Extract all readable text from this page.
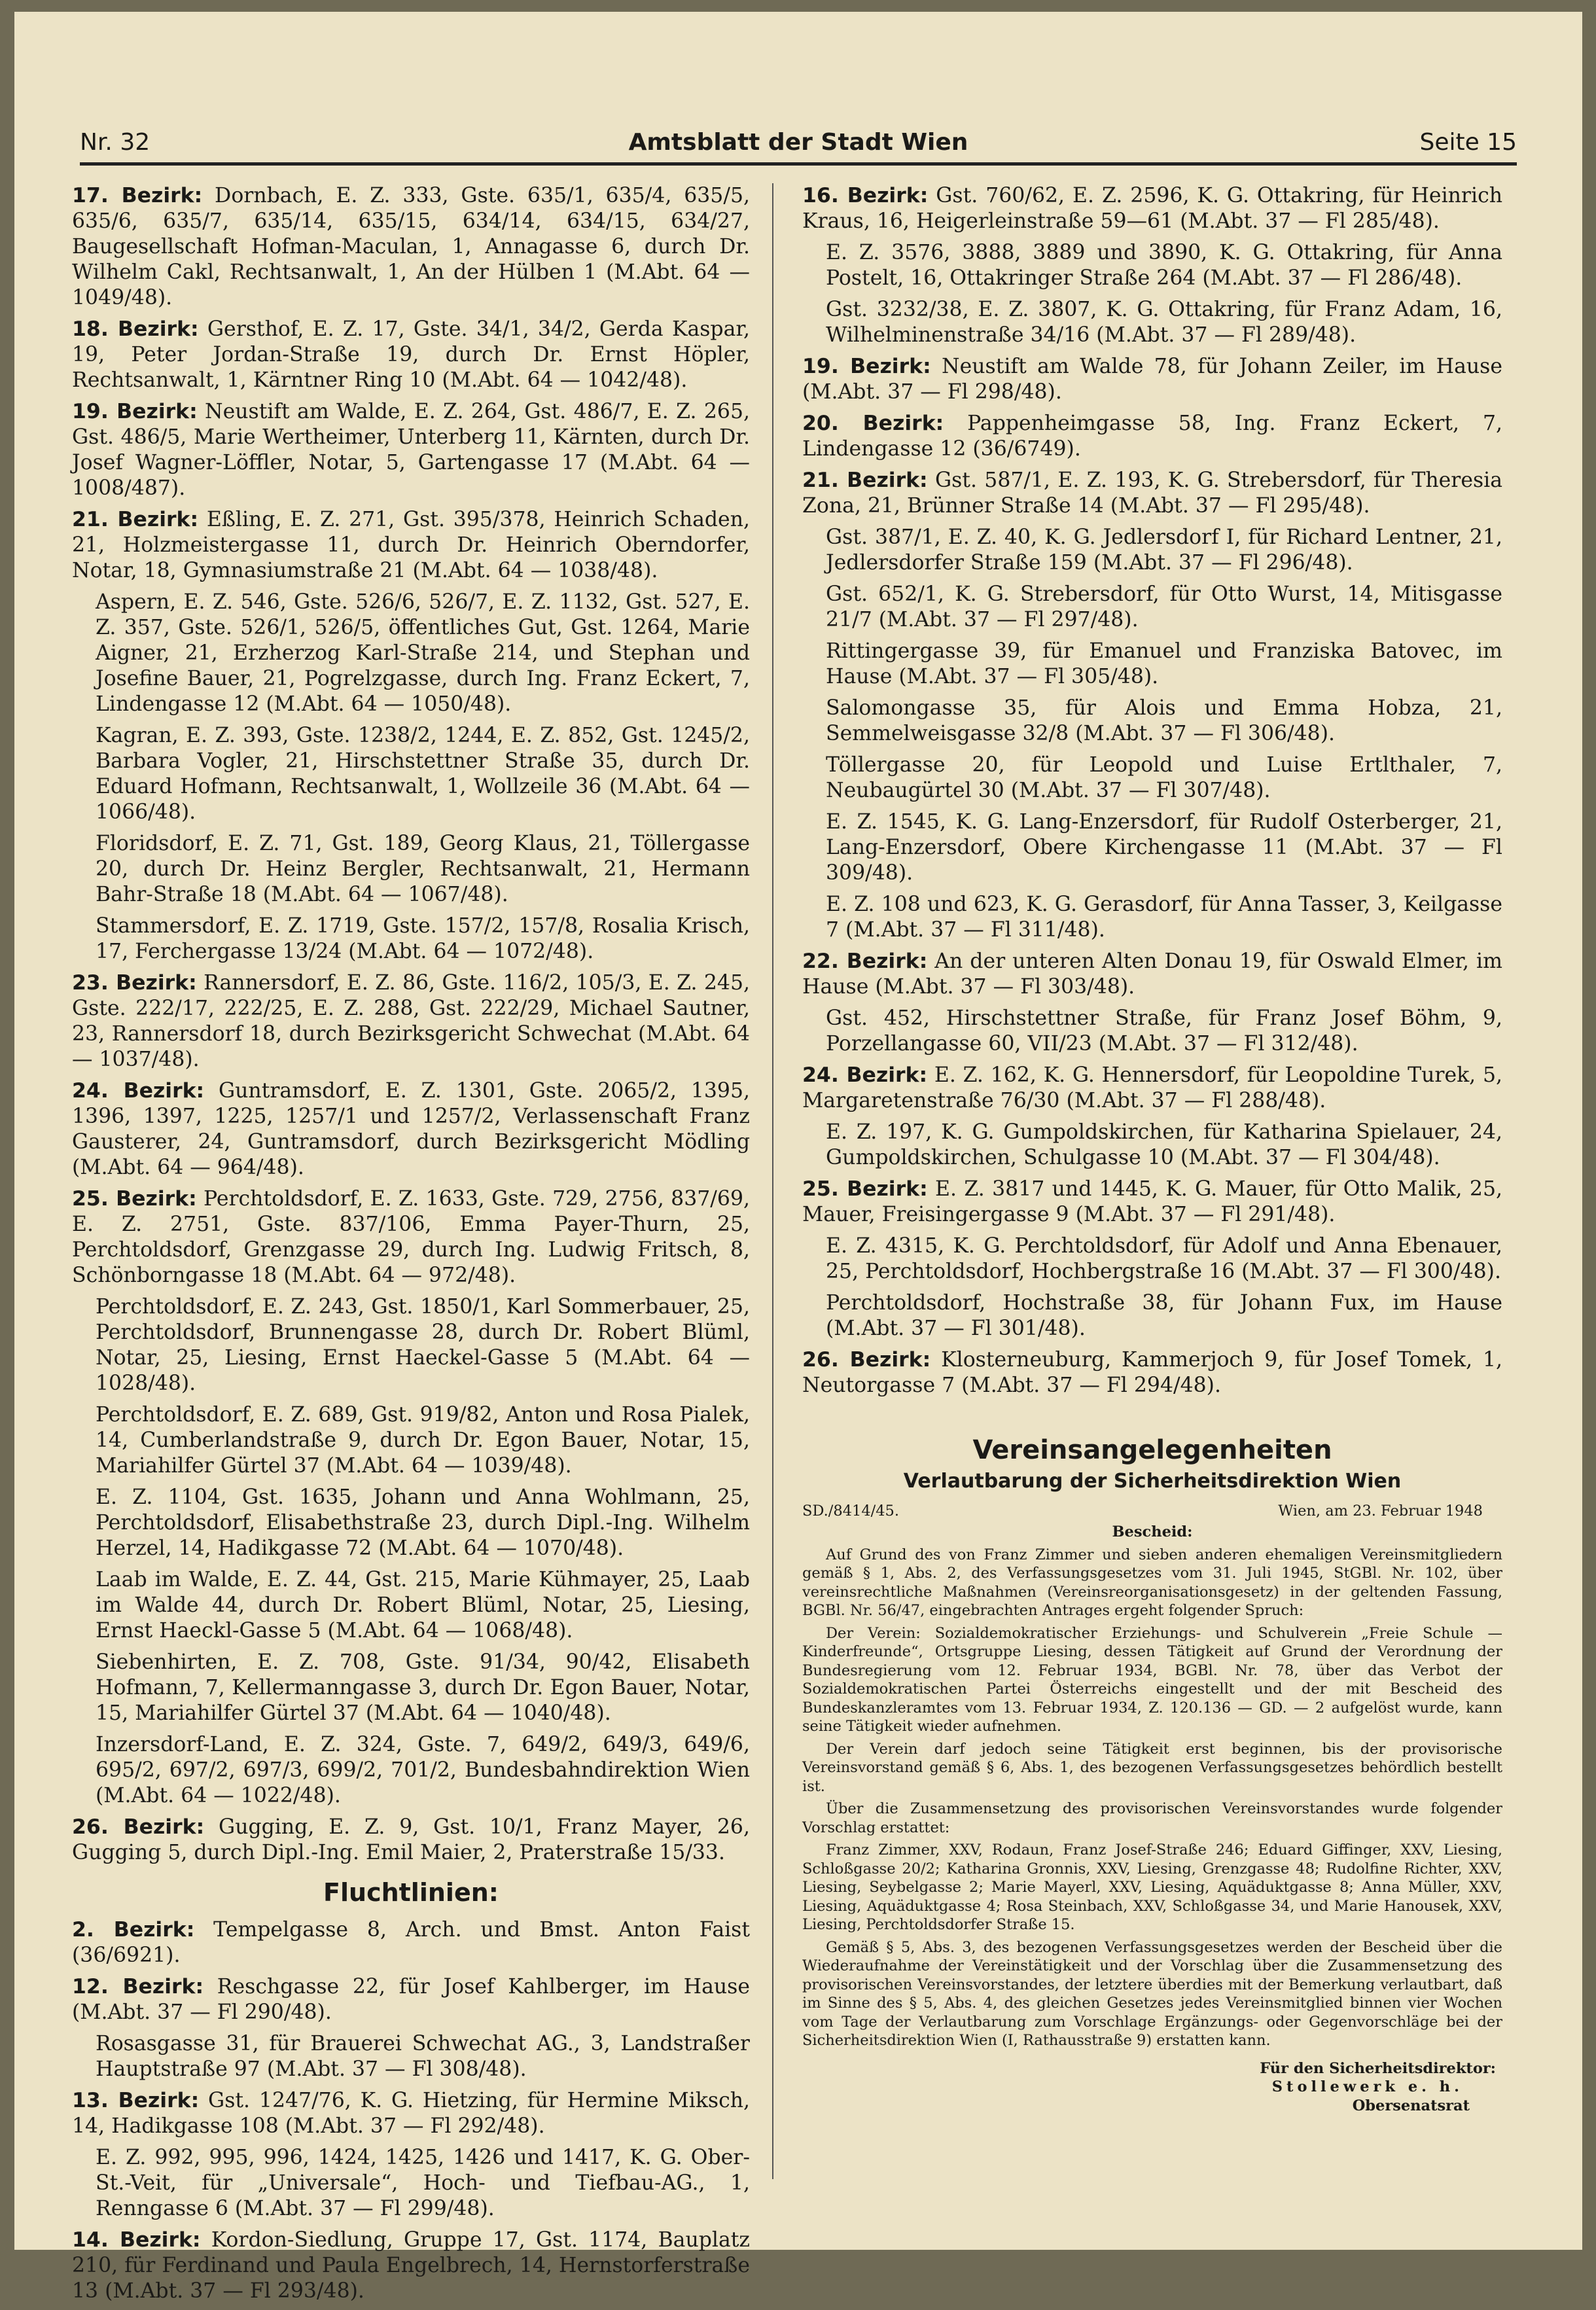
Nr. 32	Amtsblatt der Stadt Wien	Seite 15

17. Bezirk: Dornbach, E. Z. 333, Gste. 635/1, 635/4, 635/5, 635/6, 635/7, 635/14, 635/15, 634/14, 634/15, 634/27, Baugesellschaft Hofman-Maculan, 1, Annagasse 6, durch Dr. Wilhelm Cakl, Rechtsanwalt, 1, An der Hülben 1 (M.Abt. 64 — 1049/48).

18. Bezirk: Gersthof, E. Z. 17, Gste. 34/1, 34/2, Gerda Kaspar, 19, Peter Jordan-Straße 19, durch Dr. Ernst Höpler, Rechtsanwalt, 1, Kärntner Ring 10 (M.Abt. 64 — 1042/48).

19. Bezirk: Neustift am Walde, E. Z. 264, Gst. 486/7, E. Z. 265, Gst. 486/5, Marie Wertheimer, Unterberg 11, Kärnten, durch Dr. Josef Wagner-Löffler, Notar, 5, Gartengasse 17 (M.Abt. 64 — 1008/487).

21. Bezirk: Eßling, E. Z. 271, Gst. 395/378, Heinrich Schaden, 21, Holzmeistergasse 11, durch Dr. Heinrich Oberndorfer, Notar, 18, Gymnasiumstraße 21 (M.Abt. 64 — 1038/48).

Aspern, E. Z. 546, Gste. 526/6, 526/7, E. Z. 1132, Gst. 527, E. Z. 357, Gste. 526/1, 526/5, öffentliches Gut, Gst. 1264, Marie Aigner, 21, Erzherzog Karl-Straße 214, und Stephan und Josefine Bauer, 21, Pogrelzgasse, durch Ing. Franz Eckert, 7, Lindengasse 12 (M.Abt. 64 — 1050/48).

Kagran, E. Z. 393, Gste. 1238/2, 1244, E. Z. 852, Gst. 1245/2, Barbara Vogler, 21, Hirschstettner Straße 35, durch Dr. Eduard Hofmann, Rechtsanwalt, 1, Wollzeile 36 (M.Abt. 64 — 1066/48).

Floridsdorf, E. Z. 71, Gst. 189, Georg Klaus, 21, Töllergasse 20, durch Dr. Heinz Bergler, Rechtsanwalt, 21, Hermann Bahr-Straße 18 (M.Abt. 64 — 1067/48).

Stammersdorf, E. Z. 1719, Gste. 157/2, 157/8, Rosalia Krisch, 17, Ferchergasse 13/24 (M.Abt. 64 — 1072/48).

23. Bezirk: Rannersdorf, E. Z. 86, Gste. 116/2, 105/3, E. Z. 245, Gste. 222/17, 222/25, E. Z. 288, Gst. 222/29, Michael Sautner, 23, Rannersdorf 18, durch Bezirksgericht Schwechat (M.Abt. 64 — 1037/48).

24. Bezirk: Guntramsdorf, E. Z. 1301, Gste. 2065/2, 1395, 1396, 1397, 1225, 1257/1 und 1257/2, Verlassenschaft Franz Gausterer, 24, Guntramsdorf, durch Bezirksgericht Mödling (M.Abt. 64 — 964/48).

25. Bezirk: Perchtoldsdorf, E. Z. 1633, Gste. 729, 2756, 837/69, E. Z. 2751, Gste. 837/106, Emma Payer-Thurn, 25, Perchtoldsdorf, Grenzgasse 29, durch Ing. Ludwig Fritsch, 8, Schönborngasse 18 (M.Abt. 64 — 972/48).

Perchtoldsdorf, E. Z. 243, Gst. 1850/1, Karl Sommerbauer, 25, Perchtoldsdorf, Brunnengasse 28, durch Dr. Robert Blüml, Notar, 25, Liesing, Ernst Haeckel-Gasse 5 (M.Abt. 64 — 1028/48).

Perchtoldsdorf, E. Z. 689, Gst. 919/82, Anton und Rosa Pialek, 14, Cumberlandstraße 9, durch Dr. Egon Bauer, Notar, 15, Mariahilfer Gürtel 37 (M.Abt. 64 — 1039/48).

E. Z. 1104, Gst. 1635, Johann und Anna Wohlmann, 25, Perchtoldsdorf, Elisabethstraße 23, durch Dipl.-Ing. Wilhelm Herzel, 14, Hadikgasse 72 (M.Abt. 64 — 1070/48).

Laab im Walde, E. Z. 44, Gst. 215, Marie Kühmayer, 25, Laab im Walde 44, durch Dr. Robert Blüml, Notar, 25, Liesing, Ernst Haeckl-Gasse 5 (M.Abt. 64 — 1068/48).

Siebenhirten, E. Z. 708, Gste. 91/34, 90/42, Elisabeth Hofmann, 7, Kellermanngasse 3, durch Dr. Egon Bauer, Notar, 15, Mariahilfer Gürtel 37 (M.Abt. 64 — 1040/48).

Inzersdorf-Land, E. Z. 324, Gste. 7, 649/2, 649/3, 649/6, 695/2, 697/2, 697/3, 699/2, 701/2, Bundesbahndirektion Wien (M.Abt. 64 — 1022/48).

26. Bezirk: Gugging, E. Z. 9, Gst. 10/1, Franz Mayer, 26, Gugging 5, durch Dipl.-Ing. Emil Maier, 2, Praterstraße 15/33.

Fluchtlinien:

2. Bezirk: Tempelgasse 8, Arch. und Bmst. Anton Faist (36/6921).

12. Bezirk: Reschgasse 22, für Josef Kahlberger, im Hause (M.Abt. 37 — Fl 290/48).

Rosasgasse 31, für Brauerei Schwechat AG., 3, Landstraßer Hauptstraße 97 (M.Abt. 37 — Fl 308/48).

13. Bezirk: Gst. 1247/76, K. G. Hietzing, für Hermine Miksch, 14, Hadikgasse 108 (M.Abt. 37 — Fl 292/48).

E. Z. 992, 995, 996, 1424, 1425, 1426 und 1417, K. G. Ober-St.-Veit, für „Universale“, Hoch- und Tiefbau-AG., 1, Renngasse 6 (M.Abt. 37 — Fl 299/48).

14. Bezirk: Kordon-Siedlung, Gruppe 17, Gst. 1174, Bauplatz 210, für Ferdinand und Paula Engelbrech, 14, Hernstorferstraße 13 (M.Abt. 37 — Fl 293/48).

16. Bezirk: Gst. 760/62, E. Z. 2596, K. G. Ottakring, für Heinrich Kraus, 16, Heigerleinstraße 59—61 (M.Abt. 37 — Fl 285/48).

E. Z. 3576, 3888, 3889 und 3890, K. G. Ottakring, für Anna Postelt, 16, Ottakringer Straße 264 (M.Abt. 37 — Fl 286/48).

Gst. 3232/38, E. Z. 3807, K. G. Ottakring, für Franz Adam, 16, Wilhelminenstraße 34/16 (M.Abt. 37 — Fl 289/48).

19. Bezirk: Neustift am Walde 78, für Johann Zeiler, im Hause (M.Abt. 37 — Fl 298/48).

20. Bezirk: Pappenheimgasse 58, Ing. Franz Eckert, 7, Lindengasse 12 (36/6749).

21. Bezirk: Gst. 587/1, E. Z. 193, K. G. Strebersdorf, für Theresia Zona, 21, Brünner Straße 14 (M.Abt. 37 — Fl 295/48).

Gst. 387/1, E. Z. 40, K. G. Jedlersdorf I, für Richard Lentner, 21, Jedlersdorfer Straße 159 (M.Abt. 37 — Fl 296/48).

Gst. 652/1, K. G. Strebersdorf, für Otto Wurst, 14, Mitisgasse 21/7 (M.Abt. 37 — Fl 297/48).

Rittingergasse 39, für Emanuel und Franziska Batovec, im Hause (M.Abt. 37 — Fl 305/48).

Salomongasse 35, für Alois und Emma Hobza, 21, Semmelweisgasse 32/8 (M.Abt. 37 — Fl 306/48).

Töllergasse 20, für Leopold und Luise Ertlthaler, 7, Neubaugürtel 30 (M.Abt. 37 — Fl 307/48).

E. Z. 1545, K. G. Lang-Enzersdorf, für Rudolf Osterberger, 21, Lang-Enzersdorf, Obere Kirchengasse 11 (M.Abt. 37 — Fl 309/48).

E. Z. 108 und 623, K. G. Gerasdorf, für Anna Tasser, 3, Keilgasse 7 (M.Abt. 37 — Fl 311/48).

22. Bezirk: An der unteren Alten Donau 19, für Oswald Elmer, im Hause (M.Abt. 37 — Fl 303/48).

Gst. 452, Hirschstettner Straße, für Franz Josef Böhm, 9, Porzellangasse 60, VII/23 (M.Abt. 37 — Fl 312/48).

24. Bezirk: E. Z. 162, K. G. Hennersdorf, für Leopoldine Turek, 5, Margaretenstraße 76/30 (M.Abt. 37 — Fl 288/48).

E. Z. 197, K. G. Gumpoldskirchen, für Katharina Spielauer, 24, Gumpoldskirchen, Schulgasse 10 (M.Abt. 37 — Fl 304/48).

25. Bezirk: E. Z. 3817 und 1445, K. G. Mauer, für Otto Malik, 25, Mauer, Freisingergasse 9 (M.Abt. 37 — Fl 291/48).

E. Z. 4315, K. G. Perchtoldsdorf, für Adolf und Anna Ebenauer, 25, Perchtoldsdorf, Hochbergstraße 16 (M.Abt. 37 — Fl 300/48).

Perchtoldsdorf, Hochstraße 38, für Johann Fux, im Hause (M.Abt. 37 — Fl 301/48).

26. Bezirk: Klosterneuburg, Kammerjoch 9, für Josef Tomek, 1, Neutorgasse 7 (M.Abt. 37 — Fl 294/48).

Vereinsangelegenheiten
Verlautbarung der Sicherheitsdirektion Wien
SD./8414/45.	Wien, am 23. Februar 1948
Bescheid:

Auf Grund des von Franz Zimmer und sieben anderen ehemaligen Vereinsmitgliedern gemäß § 1, Abs. 2, des Verfassungsgesetzes vom 31. Juli 1945, StGBl. Nr. 102, über vereinsrechtliche Maßnahmen (Vereinsreorganisationsgesetz) in der geltenden Fassung, BGBl. Nr. 56/47, eingebrachten Antrages ergeht folgender Spruch:

Der Verein: Sozialdemokratischer Erziehungs- und Schulverein „Freie Schule — Kinderfreunde“, Ortsgruppe Liesing, dessen Tätigkeit auf Grund der Verordnung der Bundesregierung vom 12. Februar 1934, BGBl. Nr. 78, über das Verbot der Sozialdemokratischen Partei Österreichs eingestellt und der mit Bescheid des Bundeskanzleramtes vom 13. Februar 1934, Z. 120.136 — GD. — 2 aufgelöst wurde, kann seine Tätigkeit wieder aufnehmen.

Der Verein darf jedoch seine Tätigkeit erst beginnen, bis der provisorische Vereinsvorstand gemäß § 6, Abs. 1, des bezogenen Verfassungsgesetzes behördlich bestellt ist.

Über die Zusammensetzung des provisorischen Vereinsvorstandes wurde folgender Vorschlag erstattet:

Franz Zimmer, XXV, Rodaun, Franz Josef-Straße 246; Eduard Giffinger, XXV, Liesing, Schloßgasse 20/2; Katharina Gronnis, XXV, Liesing, Grenzgasse 48; Rudolfine Richter, XXV, Liesing, Seybelgasse 2; Marie Mayerl, XXV, Liesing, Aquäduktgasse 8; Anna Müller, XXV, Liesing, Aquäduktgasse 4; Rosa Steinbach, XXV, Schloßgasse 34, und Marie Hanousek, XXV, Liesing, Perchtoldsdorfer Straße 15.

Gemäß § 5, Abs. 3, des bezogenen Verfassungsgesetzes werden der Bescheid über die Wiederaufnahme der Vereinstätigkeit und der Vorschlag über die Zusammensetzung des provisorischen Vereinsvorstandes, der letztere überdies mit der Bemerkung verlautbart, daß im Sinne des § 5, Abs. 4, des gleichen Gesetzes jedes Vereinsmitglied binnen vier Wochen vom Tage der Verlautbarung zum Vorschlage Ergänzungs- oder Gegenvorschläge bei der Sicherheitsdirektion Wien (I, Rathausstraße 9) erstatten kann.

Für den Sicherheitsdirektor:

Stollewerk e. h.

Obersenatsrat
